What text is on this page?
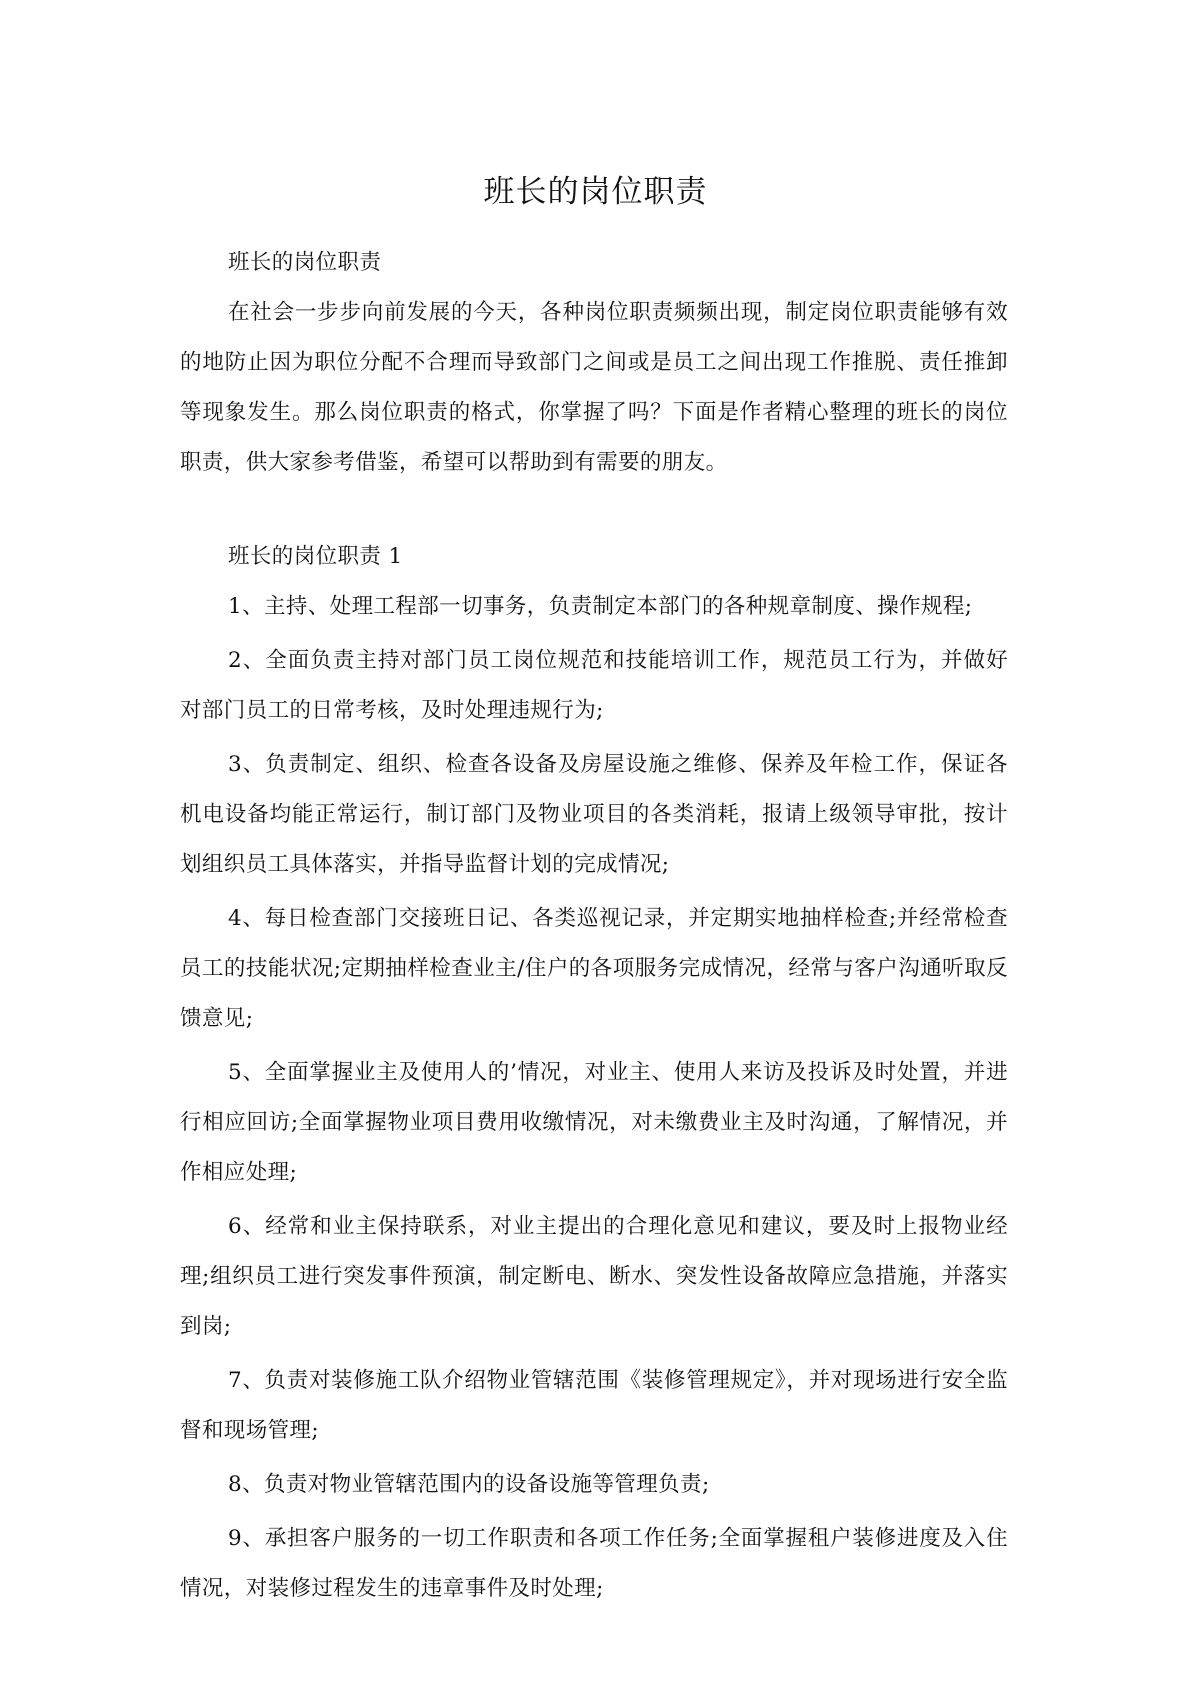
班长的岗位职责

班长的岗位职责

在社会一步步向前发展的今天，各种岗位职责频频出现，制定岗位职责能够有效的地防止因为职位分配不合理而导致部门之间或是员工之间出现工作推脱、责任推卸等现象发生。那么岗位职责的格式，你掌握了吗？下面是作者精心整理的班长的岗位职责，供大家参考借鉴，希望可以帮助到有需要的朋友。

班长的岗位职责 1

1、主持、处理工程部一切事务，负责制定本部门的各种规章制度、操作规程;

2、全面负责主持对部门员工岗位规范和技能培训工作，规范员工行为，并做好对部门员工的日常考核，及时处理违规行为;

3、负责制定、组织、检查各设备及房屋设施之维修、保养及年检工作，保证各机电设备均能正常运行，制订部门及物业项目的各类消耗，报请上级领导审批，按计划组织员工具体落实，并指导监督计划的完成情况;

4、每日检查部门交接班日记、各类巡视记录，并定期实地抽样检查;并经常检查员工的技能状况;定期抽样检查业主/住户的各项服务完成情况，经常与客户沟通听取反馈意见;

5、全面掌握业主及使用人的’情况，对业主、使用人来访及投诉及时处置，并进行相应回访;全面掌握物业项目费用收缴情况，对未缴费业主及时沟通，了解情况，并作相应处理;

6、经常和业主保持联系，对业主提出的合理化意见和建议，要及时上报物业经理;组织员工进行突发事件预演，制定断电、断水、突发性设备故障应急措施，并落实到岗;

7、负责对装修施工队介绍物业管辖范围《装修管理规定》，并对现场进行安全监督和现场管理;

8、负责对物业管辖范围内的设备设施等管理负责;

9、承担客户服务的一切工作职责和各项工作任务;全面掌握租户装修进度及入住情况，对装修过程发生的违章事件及时处理;
